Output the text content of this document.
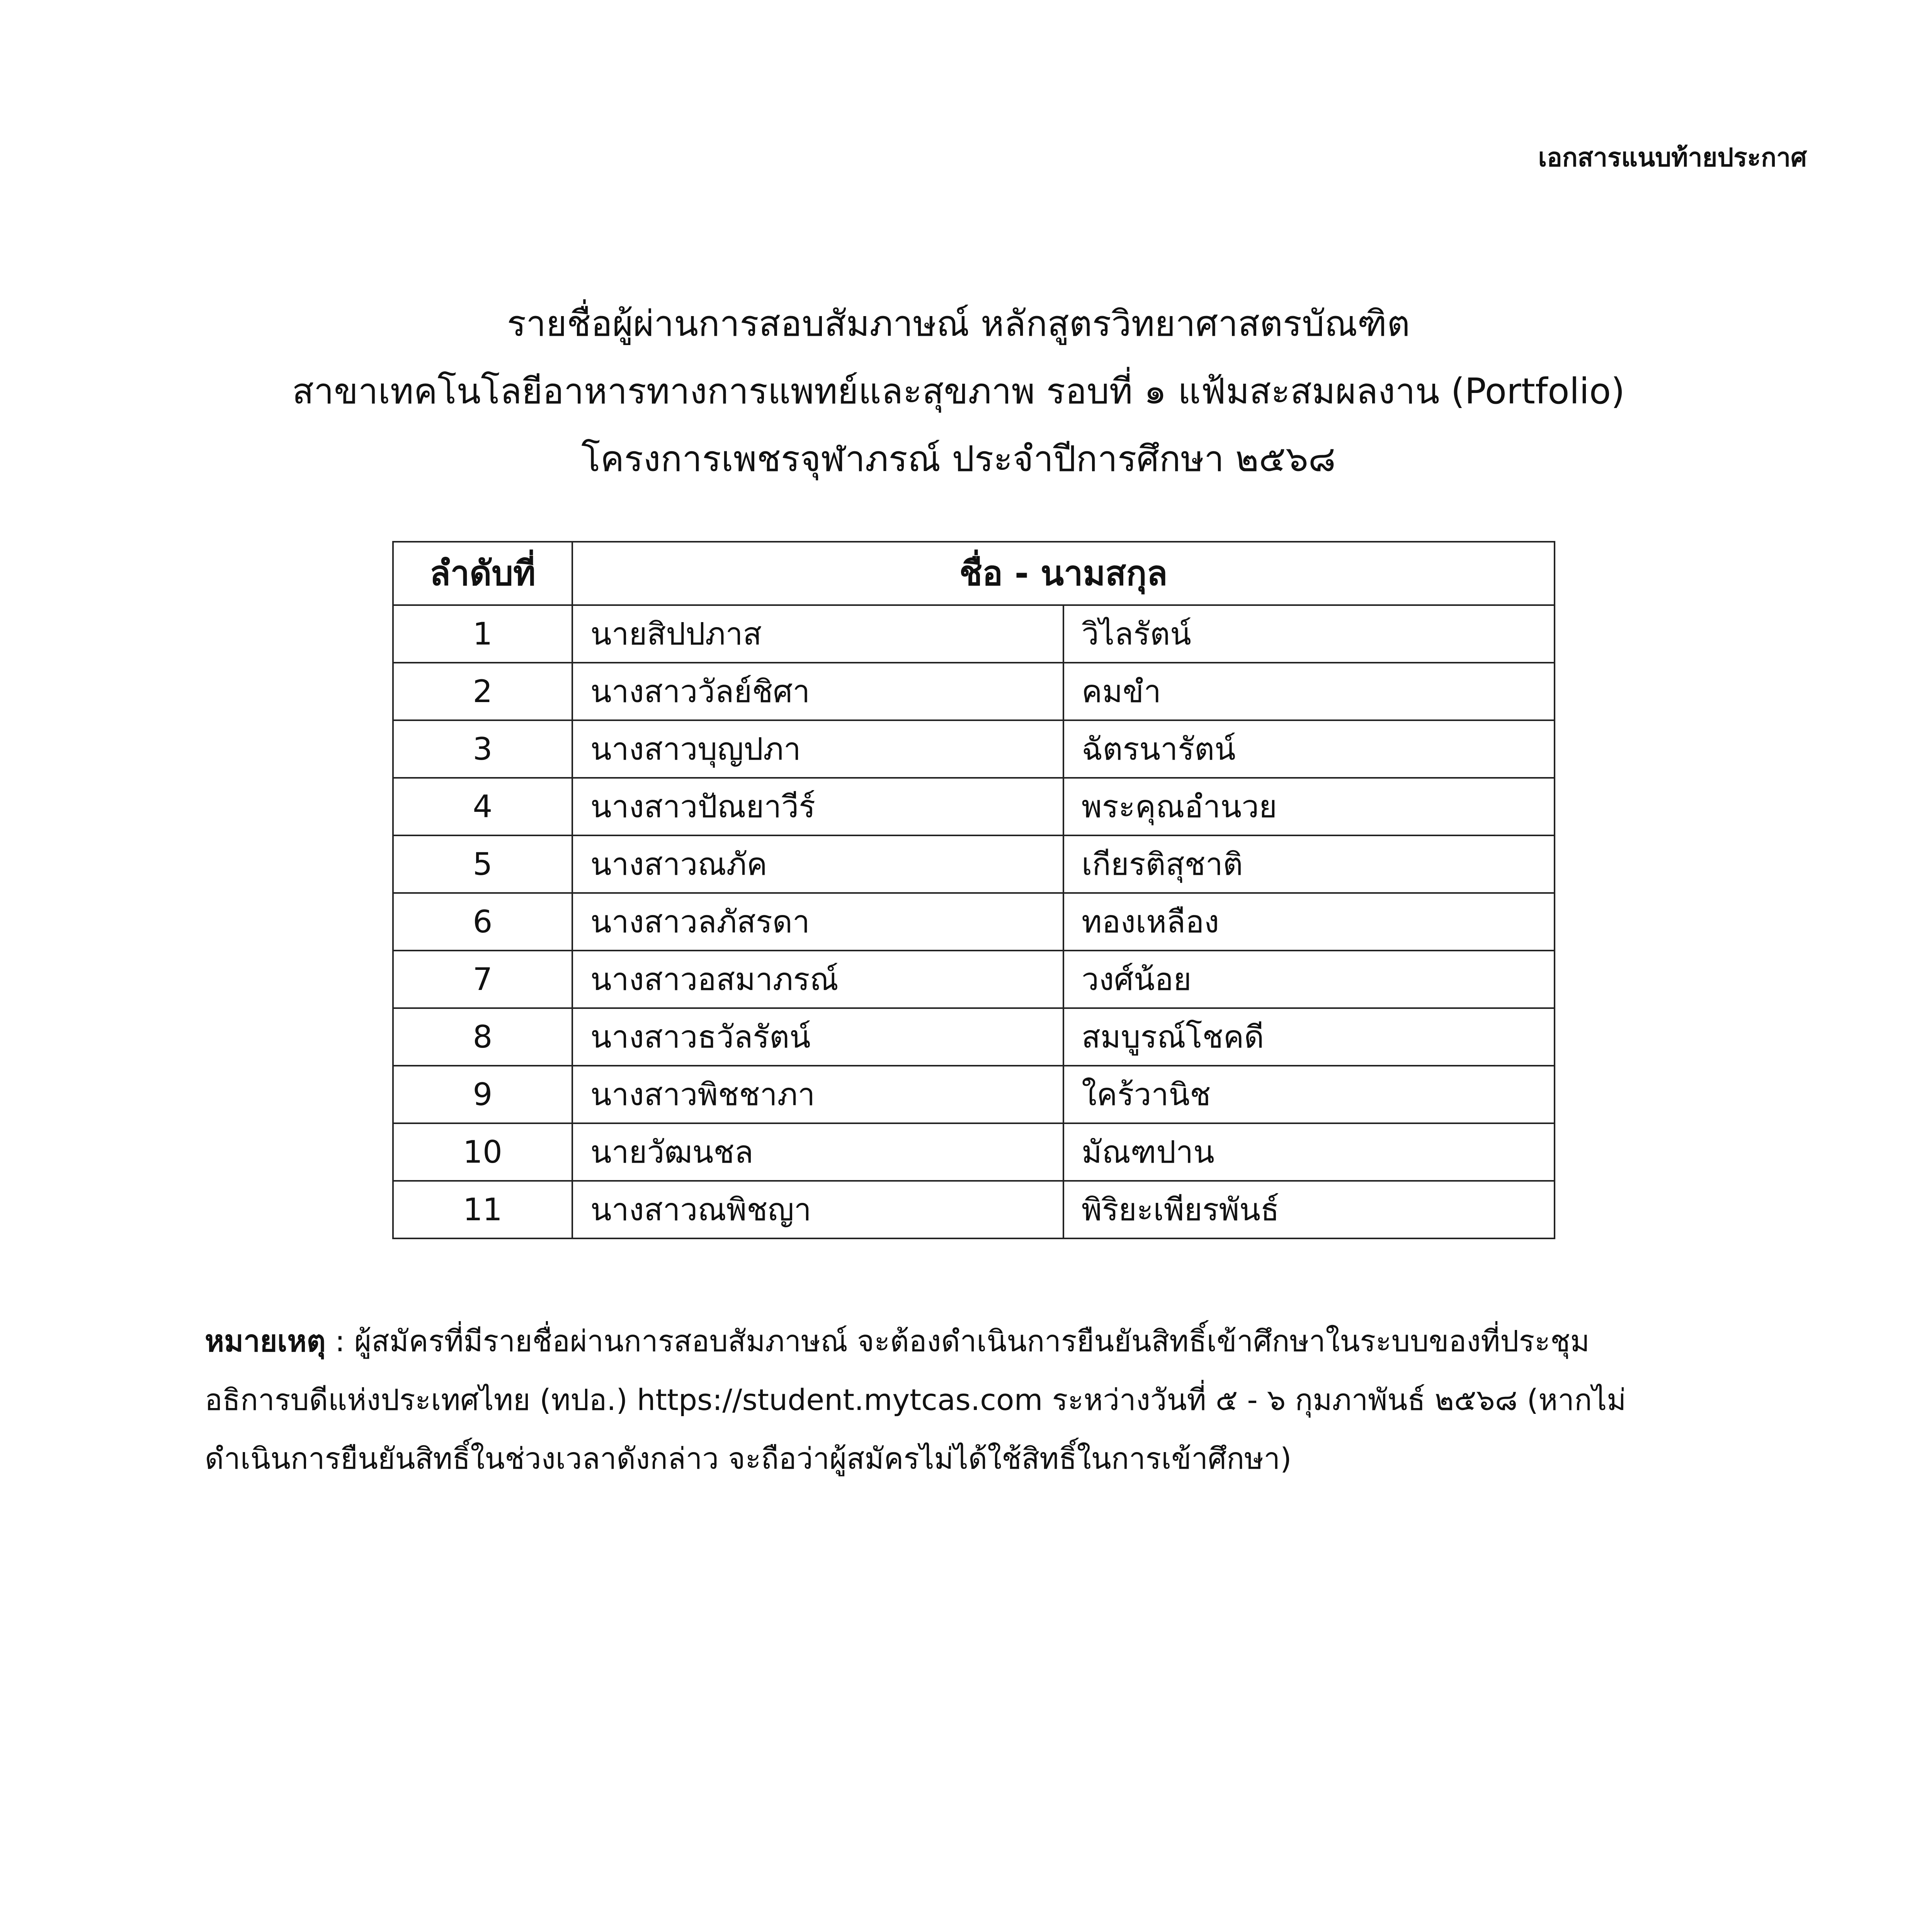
เอกสารแนบท้ายประกาศ
รายชื่อผู้ผ่านการสอบสัมภาษณ์ หลักสูตรวิทยาศาสตรบัณฑิต
สาขาเทคโนโลยีอาหารทางการแพทย์และสุขภาพ รอบที่ ๑ แฟ้มสะสมผลงาน (Portfolio)
โครงการเพชรจุฬาภรณ์ ประจำปีการศึกษา ๒๕๖๘
ลำดับที่	ชื่อ - นามสกุล	
1	นายสิปปภาส	วิไลรัตน์
2	นางสาววัลย์ชิศา	คมขำ
3	นางสาวบุญปภา	ฉัตรนารัตน์
4	นางสาวปัณยาวีร์	พระคุณอำนวย
5	นางสาวณภัค	เกียรติสุชาติ
6	นางสาวลภัสรดา	ทองเหลือง
7	นางสาวอสมาภรณ์	วงศ์น้อย
8	นางสาวธวัลรัตน์	สมบูรณ์โชคดี
9	นางสาวพิชชาภา	ใคร้วานิช
10	นายวัฒนชล	มัณฑปาน
11	นางสาวณพิชญา	พิริยะเพียรพันธ์
หมายเหตุ : ผู้สมัครที่มีรายชื่อผ่านการสอบสัมภาษณ์ จะต้องดำเนินการยืนยันสิทธิ์เข้าศึกษาในระบบของที่ประชุม
อธิการบดีแห่งประเทศไทย (ทปอ.) https://student.mytcas.com ระหว่างวันที่ ๕ - ๖ กุมภาพันธ์ ๒๕๖๘ (หากไม่
ดำเนินการยืนยันสิทธิ์ในช่วงเวลาดังกล่าว จะถือว่าผู้สมัครไม่ได้ใช้สิทธิ์ในการเข้าศึกษา)
